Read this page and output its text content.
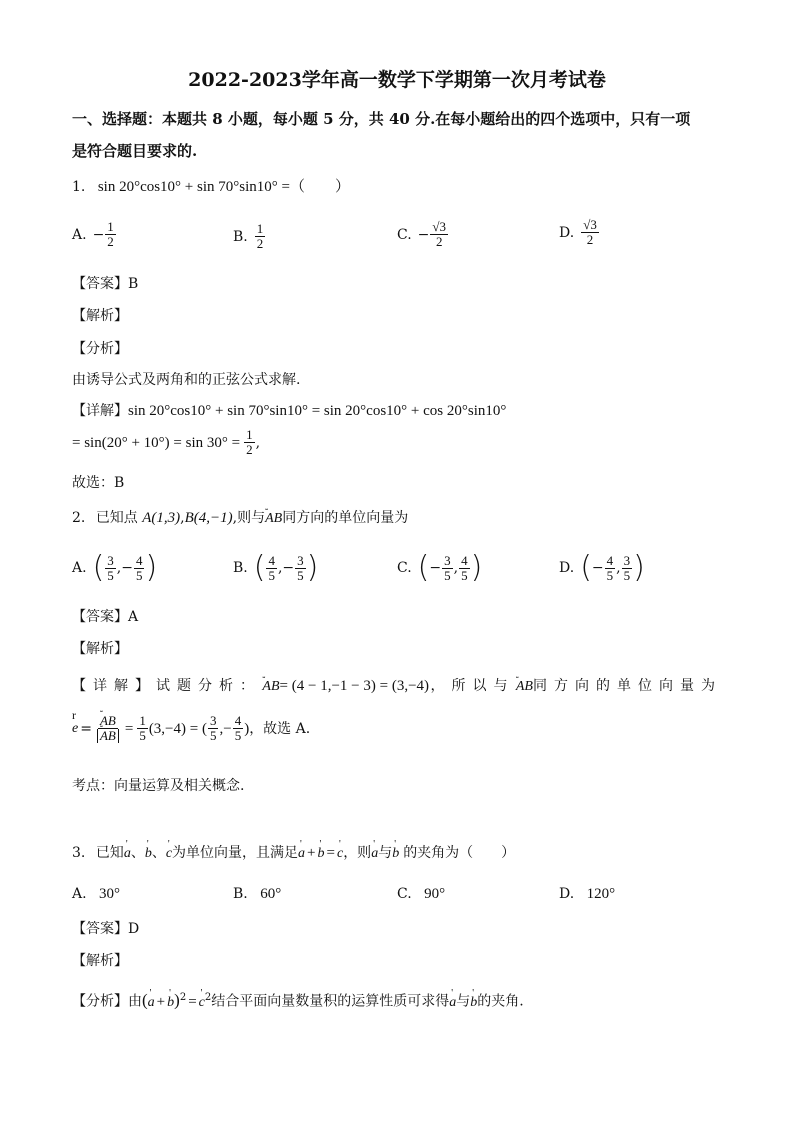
2022-2023学年高一数学下学期第一次月考试卷
一、选择题：本题共 8 小题，每小题 5 分，共 40 分.在每小题给出的四个选项中，只有一项
是符合题目要求的.
1. sin 20°cos10° + sin 70°sin10° =（　　）
A. − $\frac{1}{2}$	B. $\frac{1}{2}$	C. − $\frac{√3}{2}$	D. $\frac{√3}{2}$
【答案】B
【解析】
【分析】
由诱导公式及两角和的正弦公式求解.
【详解】sin 20°cos10° + sin 70°sin10° = sin 20°cos10° + cos 20°sin10°
= $\sin(20^\circ + 10^\circ) = \sin 30^\circ = \frac{1}{2}$ ,
故选：B
2. 已知点 A(1,3),B(4,−1),则与ᵕᵕᵕ AB同方向的单位向量为
A. ( $\frac{3}{5}$ ,− $\frac{4}{5}$ )	B. ( $\frac{4}{5}$ ,− $\frac{3}{5}$ )	C. ( − $\frac{3}{5}$ , $\frac{4}{5}$ )	D. ( − $\frac{4}{5}$ , $\frac{3}{5}$ )
【答案】A
【解析】
【详解】试题分析： ᵕᵕᵕ AB= (4 − 1,−1 − 3) = (3,−4) ，所以与 ᵕᵕᵕ AB同方向的单位向量为
r
e = ᵕᵕᵕ AB
ᵕᵕᵕ AB = $\frac{1}{5} (3,-4)$ = ( $\frac{3}{5}$ ,− $\frac{4}{5}$ ) ，故选 A.
考点：向量运算及相关概念.
3. 已知' a、' b、' c为单位向量，且满足' a + ' b = ' c，则' a与' b 的夹角为（　　）
A. 30°	B. 60°	C. 90°	D. 120°
【答案】D
【解析】
【分析】由(' a + ' b)$^2$ = ' $c^2$结合平面向量数量积的运算性质可求得' a与' b的夹角.
